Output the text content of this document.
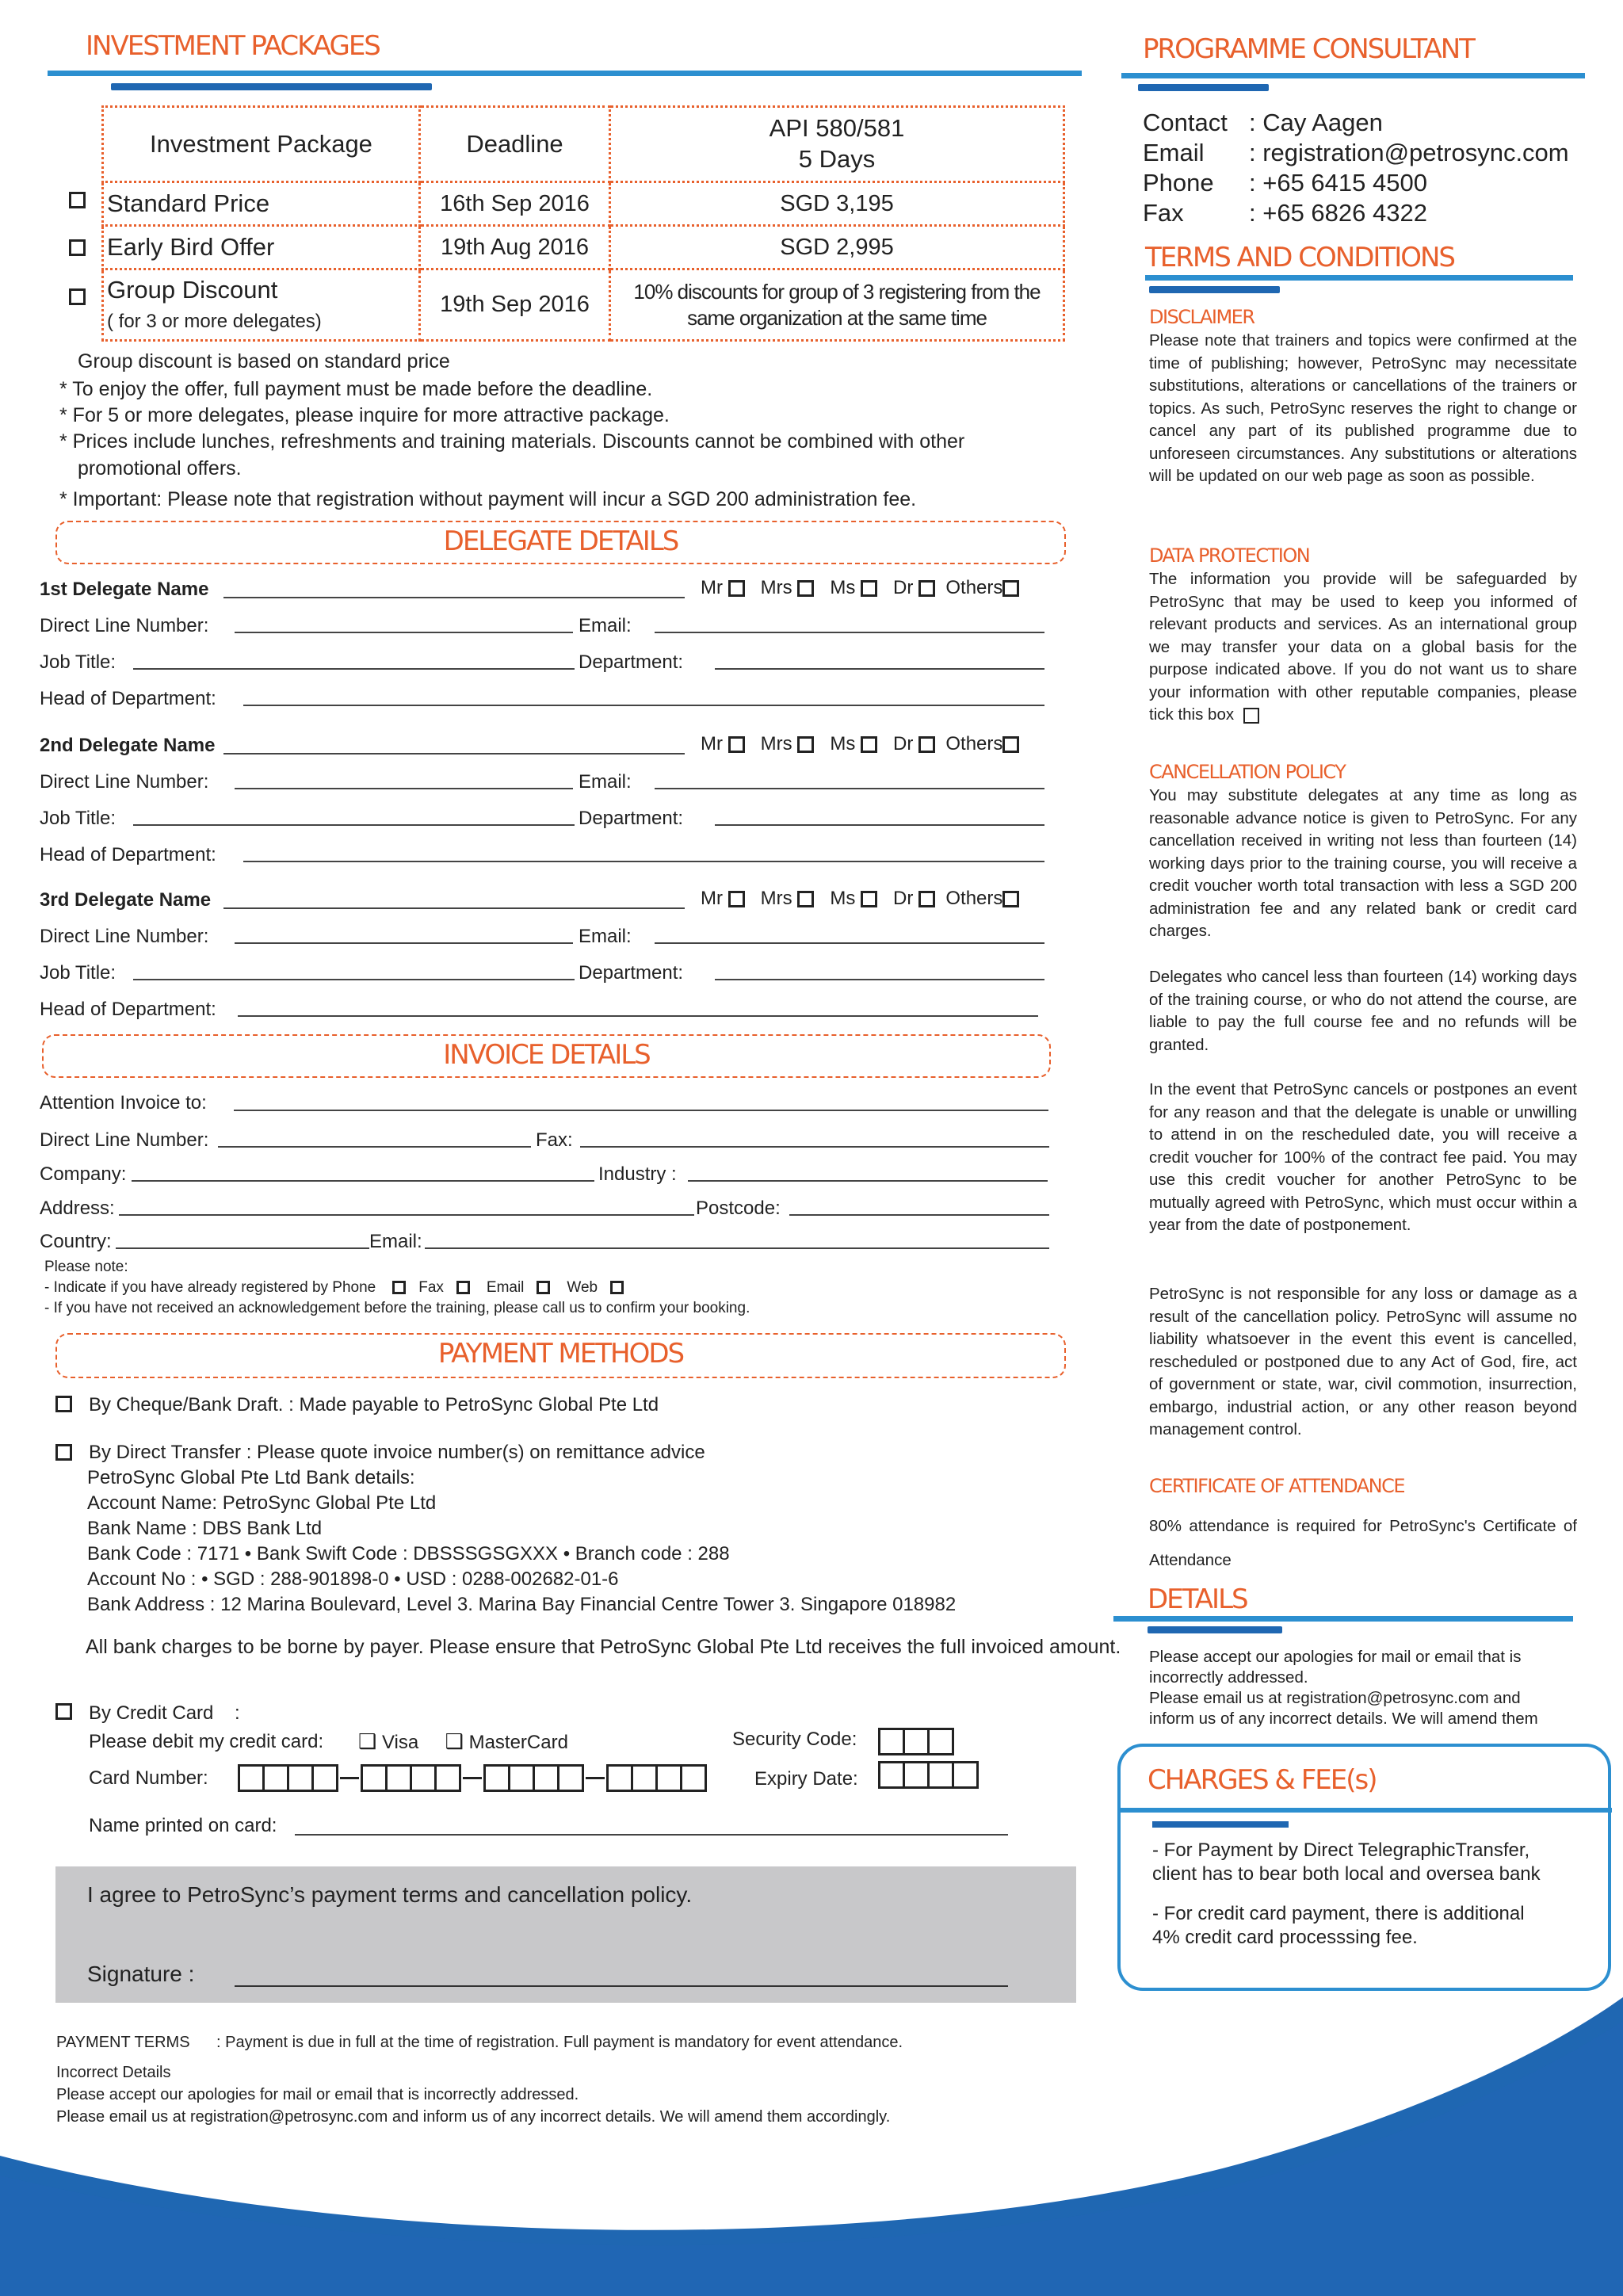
INVESTMENT PACKAGES
Investment Package	Deadline	API 580/581
5 Days
Standard Price	16th Sep 2016	SGD 3,195
Early Bird Offer	19th Aug 2016	SGD 2,995
Group Discount
( for 3 or more delegates)	19th Sep 2016	10% discounts for group of 3 registering from the
same organization at the same time
Group discount is based on standard price
* To enjoy the offer, full payment must be made before the deadline.
* For 5 or more delegates, please inquire for more attractive package.
* Prices include lunches, refreshments and training materials. Discounts cannot be combined with other
promotional offers.
* Important: Please note that registration without payment will incur a SGD 200 administration fee.
DELEGATE DETAILS
1st Delegate Name	Mr Mrs Ms Dr Others
Direct Line Number:	Email:
Job Title:	Department:
Head of Department:
2nd Delegate Name	Mr Mrs Ms Dr Others
Direct Line Number:	Email:
Job Title:	Department:
Head of Department:
3rd Delegate Name	Mr Mrs Ms Dr Others
Direct Line Number:	Email:
Job Title:	Department:
Head of Department:
INVOICE DETAILS
Attention Invoice to:
Direct Line Number:	Fax:
Company:	Industry :
Address:	Postcode:
Country:	Email:
Please note:
- Indicate if you have already registered by Phone	Fax	Email	Web
- If you have not received an acknowledgement before the training, please call us to confirm your booking.
PAYMENT METHODS
By Cheque/Bank Draft. : Made payable to PetroSync Global Pte Ltd
By Direct Transfer : Please quote invoice number(s) on remittance advice
PetroSync Global Pte Ltd Bank details:
Account Name: PetroSync Global Pte Ltd
Bank Name : DBS Bank Ltd
Bank Code : 7171 • Bank Swift Code : DBSSSGSGXXX • Branch code : 288
Account No : • SGD : 288-901898-0 • USD : 0288-002682-01-6
Bank Address : 12 Marina Boulevard, Level 3. Marina Bay Financial Centre Tower 3. Singapore 018982
All bank charges to be borne by payer. Please ensure that PetroSync Global Pte Ltd receives the full invoiced amount.
By Credit Card :
Please debit my credit card: ❑ Visa ❑ MasterCard	Security Code:
Card Number:	Expiry Date:
Name printed on card:
I agree to PetroSync’s payment terms and cancellation policy.
Signature :
PAYMENT TERMS : Payment is due in full at the time of registration. Full payment is mandatory for event attendance.
Incorrect Details
Please accept our apologies for mail or email that is incorrectly addressed.
Please email us at registration@petrosync.com and inform us of any incorrect details. We will amend them accordingly.
PROGRAMME CONSULTANT
Contact : Cay Aagen
Email	: registration@petrosync.com
Phone	: +65 6415 4500
Fax	: +65 6826 4322
TERMS AND CONDITIONS
DISCLAIMER
Please note that trainers and topics were confirmed at the time of publishing; however, PetroSync may necessitate substitutions, alterations or cancellations of the trainers or topics. As such, PetroSync reserves the right to change or cancel any part of its published programme due to unforeseen circumstances. Any substitutions or alterations will be updated on our web page as soon as possible.
DATA PROTECTION
The information you provide will be safeguarded by PetroSync that may be used to keep you informed of relevant products and services. As an international group we may transfer your data on a global basis for the purpose indicated above. If you do not want us to share your information with other reputable companies, please tick this box
CANCELLATION POLICY
You may substitute delegates at any time as long as reasonable advance notice is given to PetroSync. For any cancellation received in writing not less than fourteen (14) working days prior to the training course, you will receive a credit voucher worth total transaction with less a SGD 200 administration fee and any related bank or credit card charges.
Delegates who cancel less than fourteen (14) working days of the training course, or who do not attend the course, are liable to pay the full course fee and no refunds will be granted.
In the event that PetroSync cancels or postpones an event for any reason and that the delegate is unable or unwilling to attend in on the rescheduled date, you will receive a credit voucher for 100% of the contract fee paid. You may use this credit voucher for another PetroSync to be mutually agreed with PetroSync, which must occur within a year from the date of postponement.
PetroSync is not responsible for any loss or damage as a result of the cancellation policy. PetroSync will assume no liability whatsoever in the event this event is cancelled, rescheduled or postponed due to any Act of God, fire, act of government or state, war, civil commotion, insurrection, embargo, industrial action, or any other reason beyond management control.
CERTIFICATE OF ATTENDANCE
80% attendance is required for PetroSync's Certificate of Attendance
DETAILS
Please accept our apologies for mail or email that is
incorrectly addressed.
Please email us at registration@petrosync.com and
inform us of any incorrect details. We will amend them
CHARGES & FEE(s)
- For Payment by Direct TelegraphicTransfer,
client has to bear both local and oversea bank
- For credit card payment, there is additional
4% credit card processsing fee.
